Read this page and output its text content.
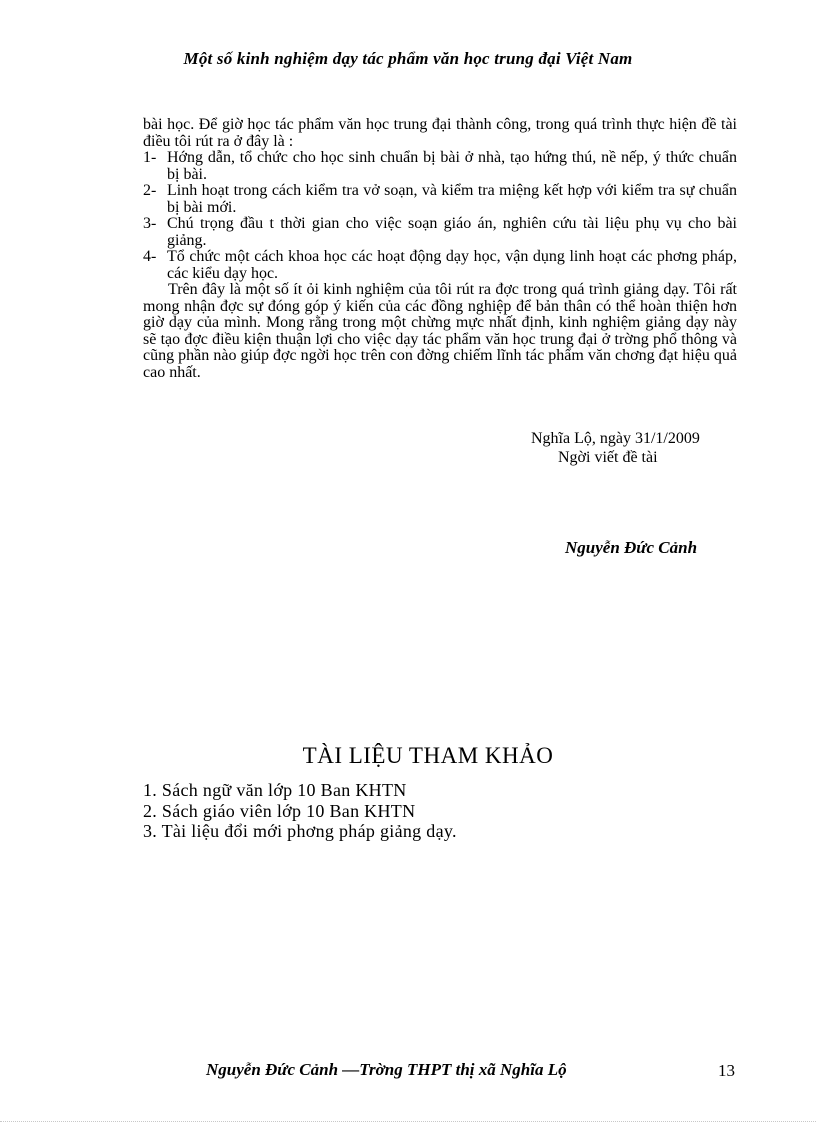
Một số kinh nghiệm dạy tác phẩm văn học trung đại Việt Nam

bài học. Để giờ học tác phẩm văn học trung đại thành công, trong quá trình thực hiện đề tài điều tôi rút ra ở đây là :

1- Hớng dẫn, tổ chức cho học sinh chuẩn bị bài ở nhà, tạo hứng thú, nề nếp, ý thức chuẩn bị bài.
2- Linh hoạt trong cách kiểm tra vở soạn, và kiểm tra miệng kết hợp với kiểm tra sự chuẩn bị bài mới.
3- Chú trọng đầu t thời gian cho việc soạn giáo án, nghiên cứu tài liệu phụ vụ cho bài giảng.
4- Tổ chức một cách khoa học các hoạt động dạy học, vận dụng linh hoạt các phơng pháp, các kiểu dạy học.

Trên đây là một số ít ỏi kinh nghiệm của tôi rút ra đợc trong quá trình giảng dạy. Tôi rất mong nhận đợc sự đóng góp ý kiến của các đồng nghiệp để bản thân có thể hoàn thiện hơn giờ dạy của mình. Mong rằng trong một chừng mực nhất định, kinh nghiệm giảng dạy này sẽ tạo đợc điều kiện thuận lợi cho việc dạy tác phẩm văn học trung đại ở trờng phổ thông và cũng phần nào giúp đợc ngời học trên con đờng chiếm lĩnh tác phẩm văn chơng đạt hiệu quả cao nhất.

Nghĩa Lộ, ngày 31/1/2009
Ngời viết đề tài
Nguyễn Đức Cảnh
TÀI LIỆU THAM KHẢO
1. Sách ngữ văn lớp 10 Ban KHTN
2. Sách giáo viên lớp 10 Ban KHTN
3. Tài liệu đổi mới phơng pháp giảng dạy.
Nguyễn Đức Cảnh —Trờng THPT thị xã Nghĩa Lộ	13
